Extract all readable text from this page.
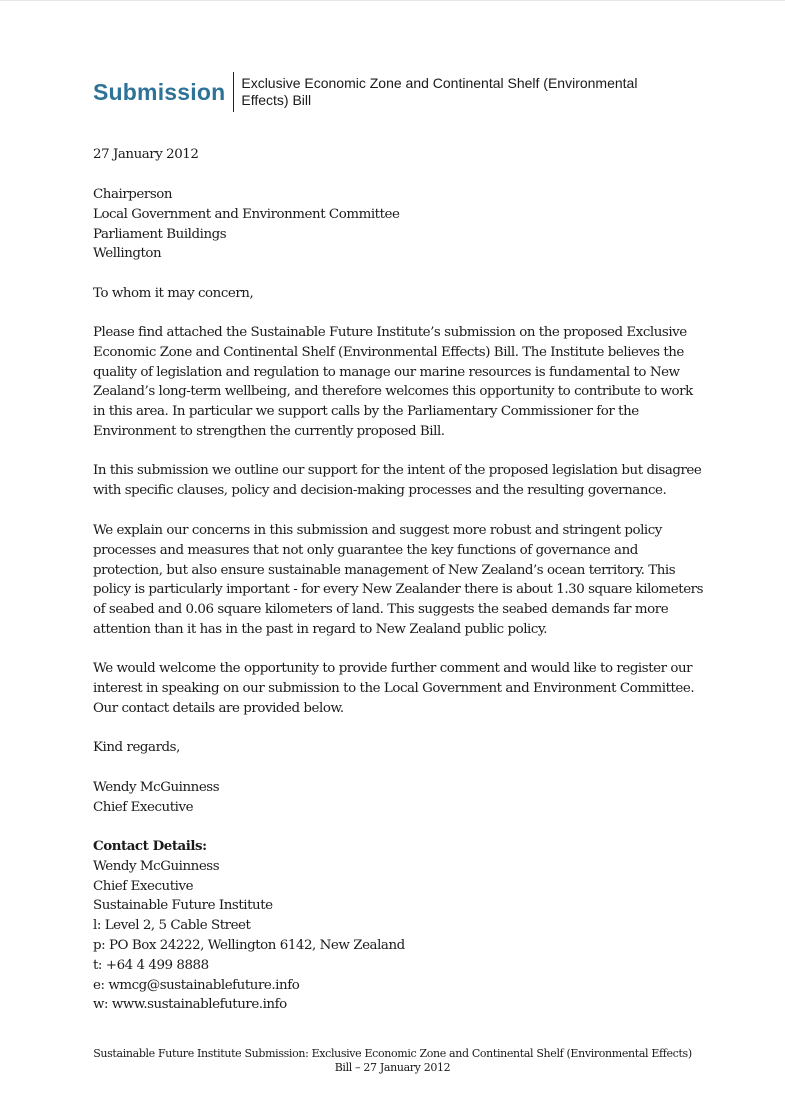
Submission Exclusive Economic Zone and Continental Shelf (Environmental
Effects) Bill
27 January 2012
Chairperson
Local Government and Environment Committee
Parliament Buildings
Wellington
To whom it may concern,
Please find attached the Sustainable Future Institute’s submission on the proposed Exclusive
Economic Zone and Continental Shelf (Environmental Effects) Bill. The Institute believes the
quality of legislation and regulation to manage our marine resources is fundamental to New
Zealand’s long-term wellbeing, and therefore welcomes this opportunity to contribute to work
in this area. In particular we support calls by the Parliamentary Commissioner for the
Environment to strengthen the currently proposed Bill.
In this submission we outline our support for the intent of the proposed legislation but disagree
with specific clauses, policy and decision-making processes and the resulting governance.
We explain our concerns in this submission and suggest more robust and stringent policy
processes and measures that not only guarantee the key functions of governance and
protection, but also ensure sustainable management of New Zealand’s ocean territory. This
policy is particularly important - for every New Zealander there is about 1.30 square kilometers
of seabed and 0.06 square kilometers of land. This suggests the seabed demands far more
attention than it has in the past in regard to New Zealand public policy.
We would welcome the opportunity to provide further comment and would like to register our
interest in speaking on our submission to the Local Government and Environment Committee.
Our contact details are provided below.
Kind regards,
Wendy McGuinness
Chief Executive
Contact Details:
Wendy McGuinness
Chief Executive
Sustainable Future Institute
l: Level 2, 5 Cable Street
p: PO Box 24222, Wellington 6142, New Zealand
t: +64 4 499 8888
e: wmcg@sustainablefuture.info
w: www.sustainablefuture.info
Sustainable Future Institute Submission: Exclusive Economic Zone and Continental Shelf (Environmental Effects)
Bill – 27 January 2012
